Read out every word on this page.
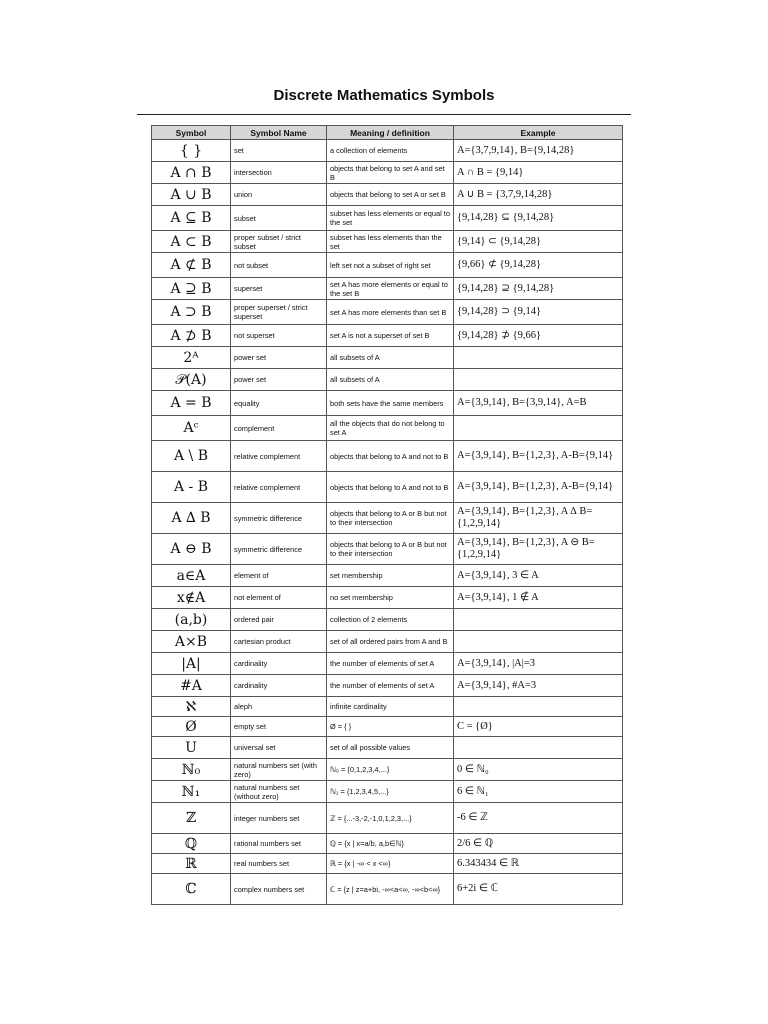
Discrete Mathematics Symbols
Symbol	Symbol Name	Meaning / definition	Example
{ }	set	a collection of elements	A={3,7,9,14}, B={9,14,28}
A ∩ B	intersection	objects that belong to set A and set B	A ∩ B = {9,14}
A ∪ B	union	objects that belong to set A or set B	A ∪ B = {3,7,9,14,28}
A ⊆ B	subset	subset has less elements or equal to the set	{9,14,28} ⊆ {9,14,28}
A ⊂ B	proper subset / strict subset	subset has less elements than the set	{9,14} ⊂ {9,14,28}
A ⊄ B	not subset	left set not a subset of right set	{9,66} ⊄ {9,14,28}
A ⊇ B	superset	set A has more elements or equal to the set B	{9,14,28} ⊇ {9,14,28}
A ⊃ B	proper superset / strict superset	set A has more elements than set B	{9,14,28} ⊃ {9,14}
A ⊅ B	not superset	set A is not a superset of set B	{9,14,28} ⊅ {9,66}
2ᴬ	power set	all subsets of A	
𝒫(A)	power set	all subsets of A	
A = B	equality	both sets have the same members	A={3,9,14}, B={3,9,14}, A=B
Aᶜ	complement	all the objects that do not belong to set A	
A \ B	relative complement	objects that belong to A and not to B	A={3,9,14}, B={1,2,3}, A-B={9,14}
A - B	relative complement	objects that belong to A and not to B	A={3,9,14}, B={1,2,3}, A-B={9,14}
A ∆ B	symmetric difference	objects that belong to A or B but not to their intersection	A={3,9,14}, B={1,2,3}, A ∆ B={1,2,9,14}
A ⊖ B	symmetric difference	objects that belong to A or B but not to their intersection	A={3,9,14}, B={1,2,3}, A ⊖ B={1,2,9,14}
a∈A	element of	set membership	A={3,9,14}, 3 ∈ A
x∉A	not element of	no set membership	A={3,9,14}, 1 ∉ A
(a,b)	ordered pair	collection of 2 elements	
A×B	cartesian product	set of all ordered pairs from A and B	
|A|	cardinality	the number of elements of set A	A={3,9,14}, |A|=3
#A	cardinality	the number of elements of set A	A={3,9,14}, #A=3
ℵ	aleph	infinite cardinality	
Ø	empty set	Ø = { }	C = {Ø}
U	universal set	set of all possible values	
ℕ₀	natural numbers set (with zero)	ℕ₀ = {0,1,2,3,4,...}	0 ∈ ℕ₀
ℕ₁	natural numbers set (without zero)	ℕ₁ = {1,2,3,4,5,...}	6 ∈ ℕ₁
ℤ	integer numbers set	ℤ = {...-3,-2,-1,0,1,2,3,...}	-6 ∈ ℤ
ℚ	rational numbers set	ℚ = {x | x=a/b, a,b∈ℕ}	2/6 ∈ ℚ
ℝ	real numbers set	ℝ = {x | -∞ < x <∞}	6.343434 ∈ ℝ
ℂ	complex numbers set	ℂ = {z | z=a+bi, -∞<a<∞, -∞<b<∞}	6+2i ∈ ℂ
